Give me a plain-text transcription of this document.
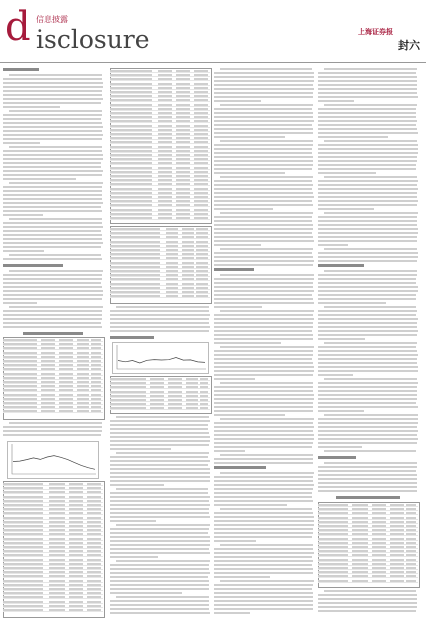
d 信息披露
isclosure	上海证券报
封六
